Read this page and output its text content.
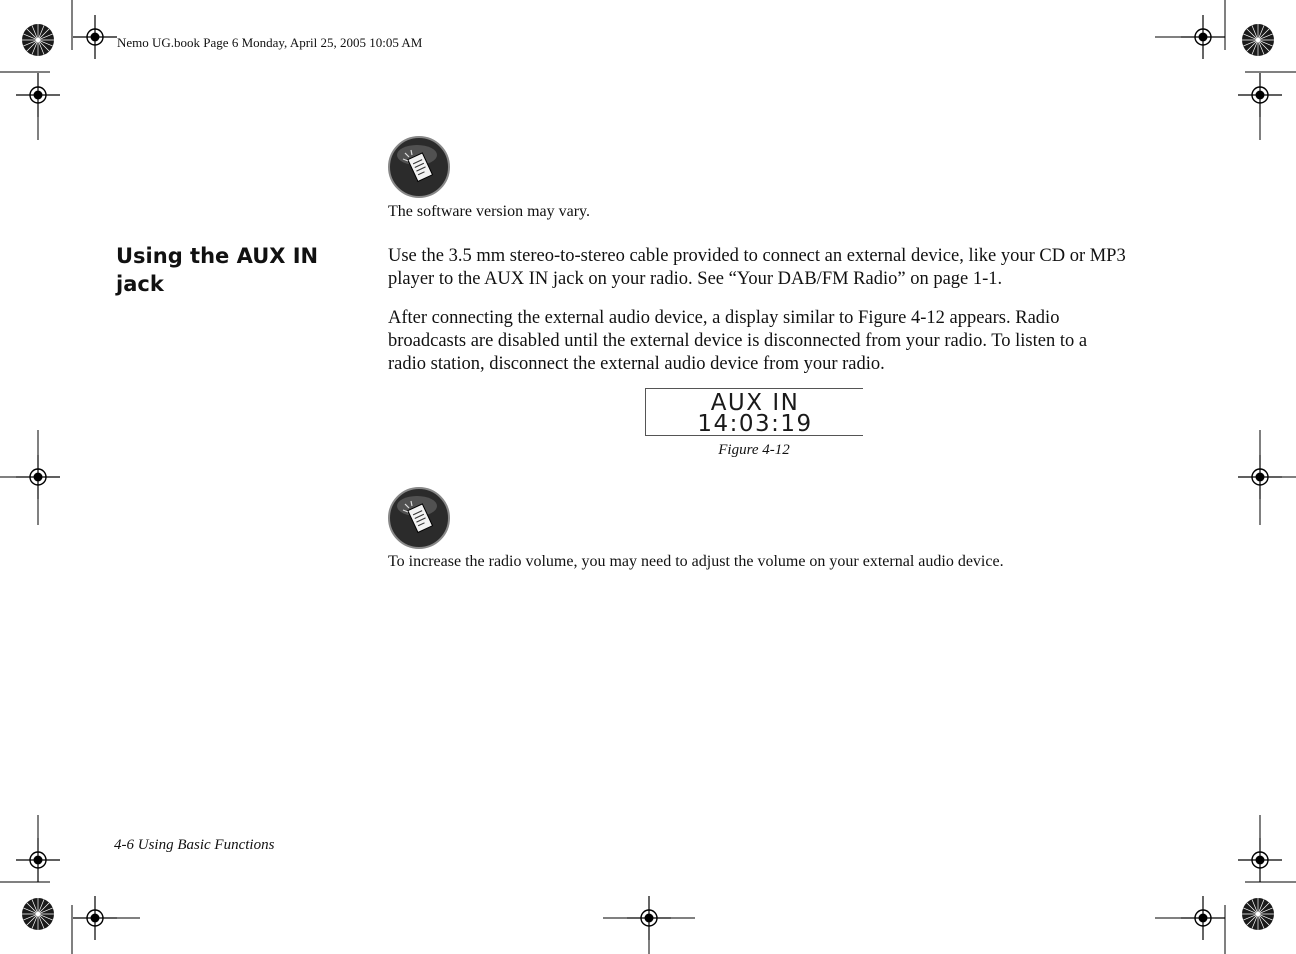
Nemo UG.book Page 6 Monday, April 25, 2005 10:05 AM
The software version may vary.
Using the AUX IN jack

Use the 3.5 mm stereo-to-stereo cable provided to connect an external device, like your CD or MP3 player to the AUX IN jack on your radio. See “Your DAB/FM Radio” on page 1-1.

After connecting the external audio device, a display similar to Figure 4-12 appears. Radio broadcasts are disabled until the external device is disconnected from your radio. To listen to a radio station, disconnect the external audio device from your radio.

AUX IN
14:03:19
Figure 4-12
To increase the radio volume, you may need to adjust the volume on your external audio device.
4-6 Using Basic Functions
